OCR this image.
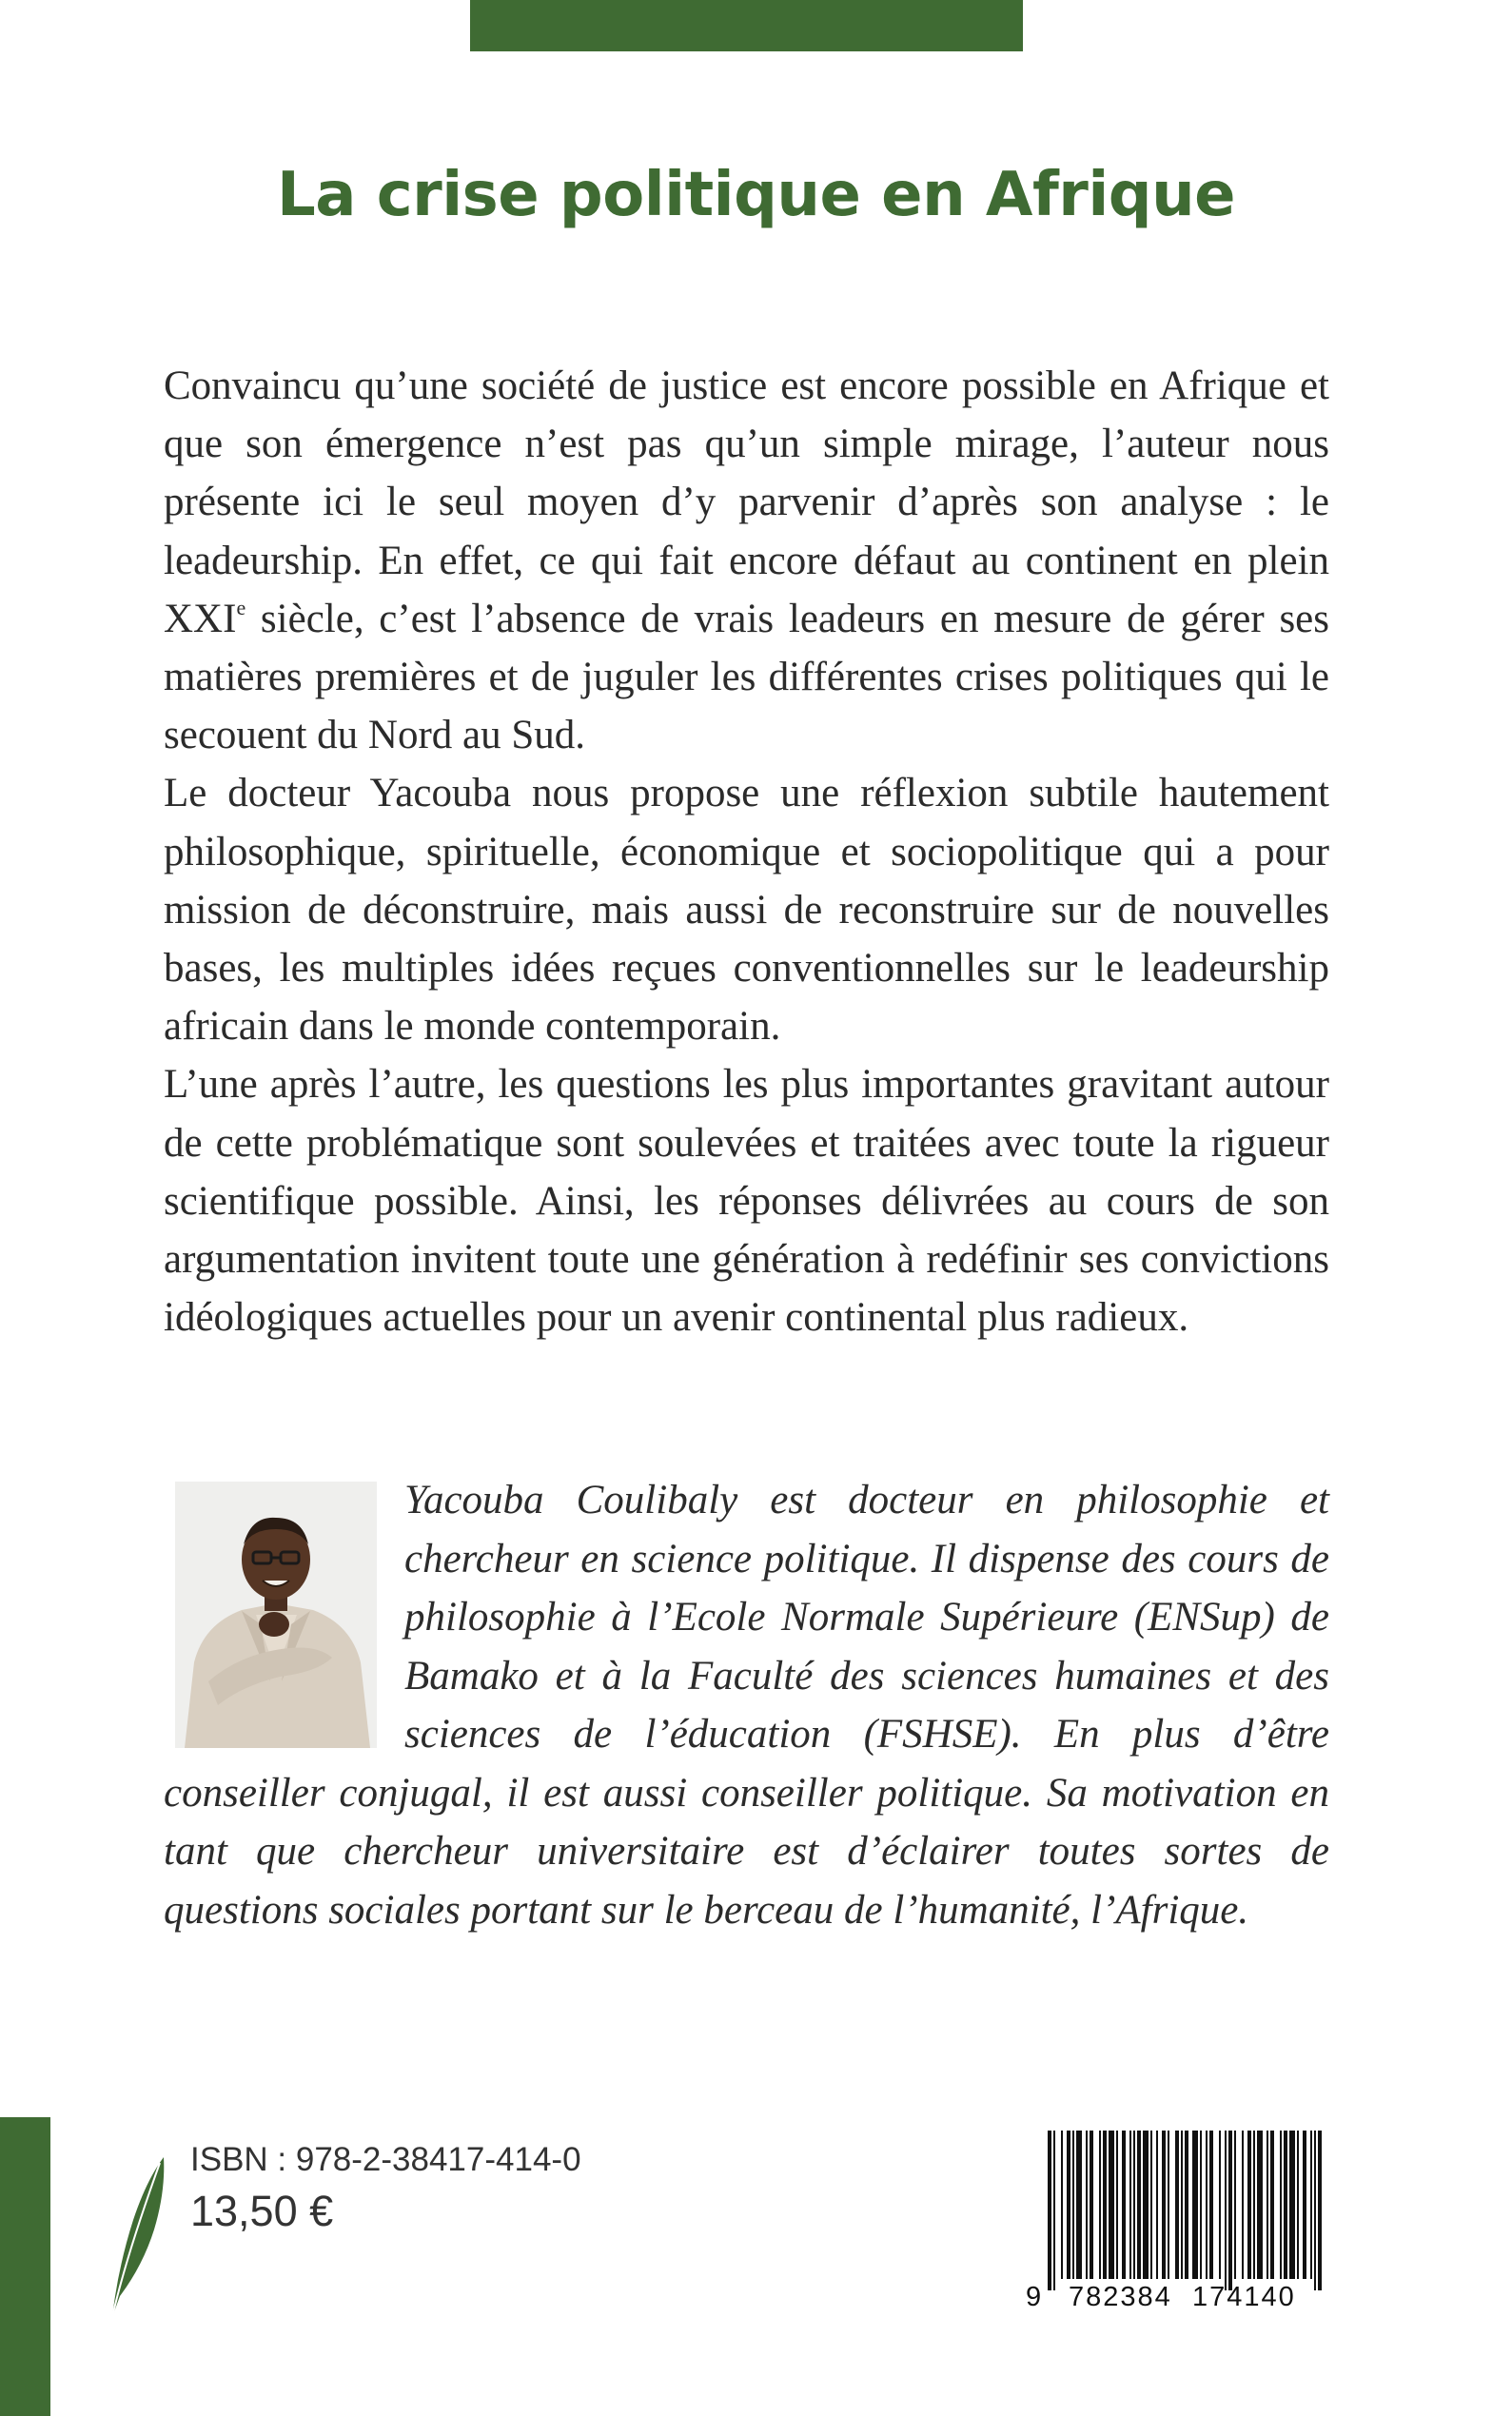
La crise politique en Afrique

Convaincu qu’une société de justice est encore possible en Afrique et que son émergence n’est pas qu’un simple mirage, l’auteur nous présente ici le seul moyen d’y parvenir d’après son analyse : le leadeurship. En effet, ce qui fait encore défaut au continent en plein XXIe siècle, c’est l’absence de vrais leadeurs en mesure de gérer ses matières premières et de juguler les différentes crises politiques qui le secouent du Nord au Sud.

Le docteur Yacouba nous propose une réflexion subtile hautement philosophique, spirituelle, économique et sociopolitique qui a pour mission de déconstruire, mais aussi de reconstruire sur de nouvelles bases, les multiples idées reçues conventionnelles sur le leadeurship africain dans le monde contemporain.

L’une après l’autre, les questions les plus importantes gravitant autour de cette problématique sont soulevées et traitées avec toute la rigueur scientifique possible. Ainsi, les réponses délivrées au cours de son argumentation invitent toute une génération à redéfinir ses convictions idéologiques actuelles pour un avenir continental plus radieux.

Yacouba Coulibaly est docteur en philosophie et chercheur en science politique. Il dispense des cours de philosophie à l’Ecole Normale Supérieure (ENSup) de Bamako et à la Faculté des sciences humaines et des sciences de l’éducation (FSHSE). En plus d’être conseiller conjugal, il est aussi conseiller politique. Sa motivation en tant que chercheur universitaire est d’éclairer toutes sortes de questions sociales portant sur le berceau de l’humanité, l’Afrique.

ISBN : 978-2-38417-414-0
13,50 €
9 782384 174140
